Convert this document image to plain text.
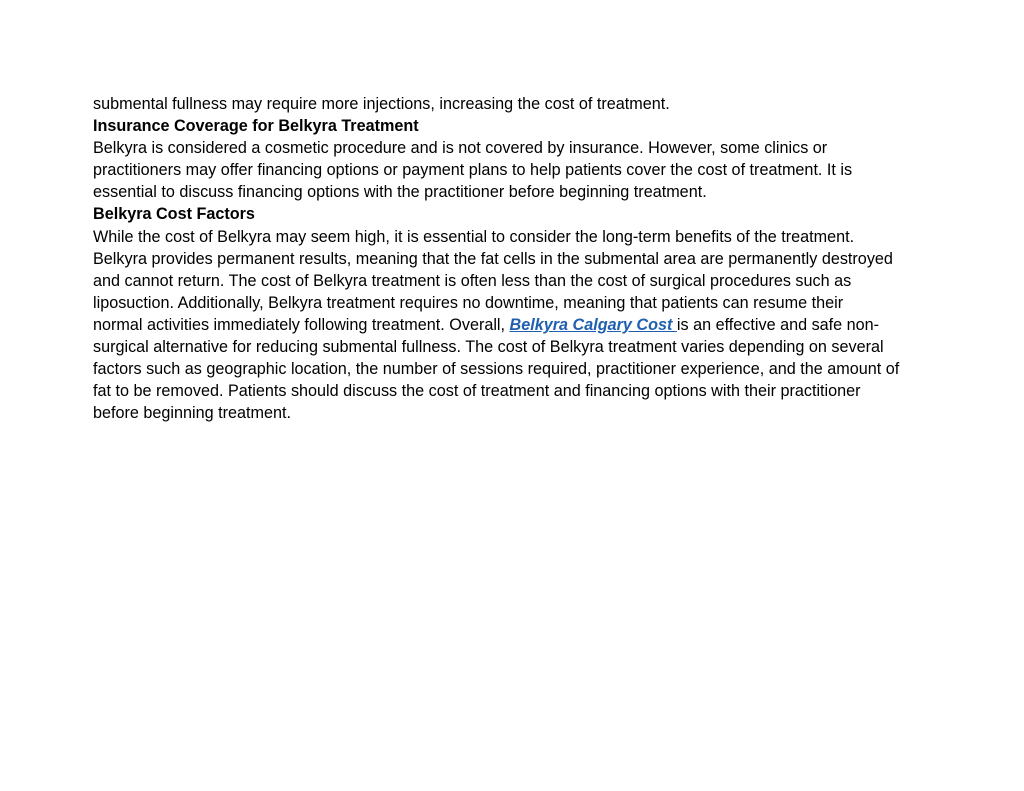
submental fullness may require more injections, increasing the cost of treatment.

Insurance Coverage for Belkyra Treatment

Belkyra is considered a cosmetic procedure and is not covered by insurance. However, some clinics or

practitioners may offer financing options or payment plans to help patients cover the cost of treatment. It is

essential to discuss financing options with the practitioner before beginning treatment.

Belkyra Cost Factors

While the cost of Belkyra may seem high, it is essential to consider the long-term benefits of the treatment.

Belkyra provides permanent results, meaning that the fat cells in the submental area are permanently destroyed

and cannot return. The cost of Belkyra treatment is often less than the cost of surgical procedures such as

liposuction. Additionally, Belkyra treatment requires no downtime, meaning that patients can resume their

normal activities immediately following treatment. Overall, Belkyra Calgary Cost is an effective and safe non-

surgical alternative for reducing submental fullness. The cost of Belkyra treatment varies depending on several

factors such as geographic location, the number of sessions required, practitioner experience, and the amount of

fat to be removed. Patients should discuss the cost of treatment and financing options with their practitioner

before beginning treatment.
